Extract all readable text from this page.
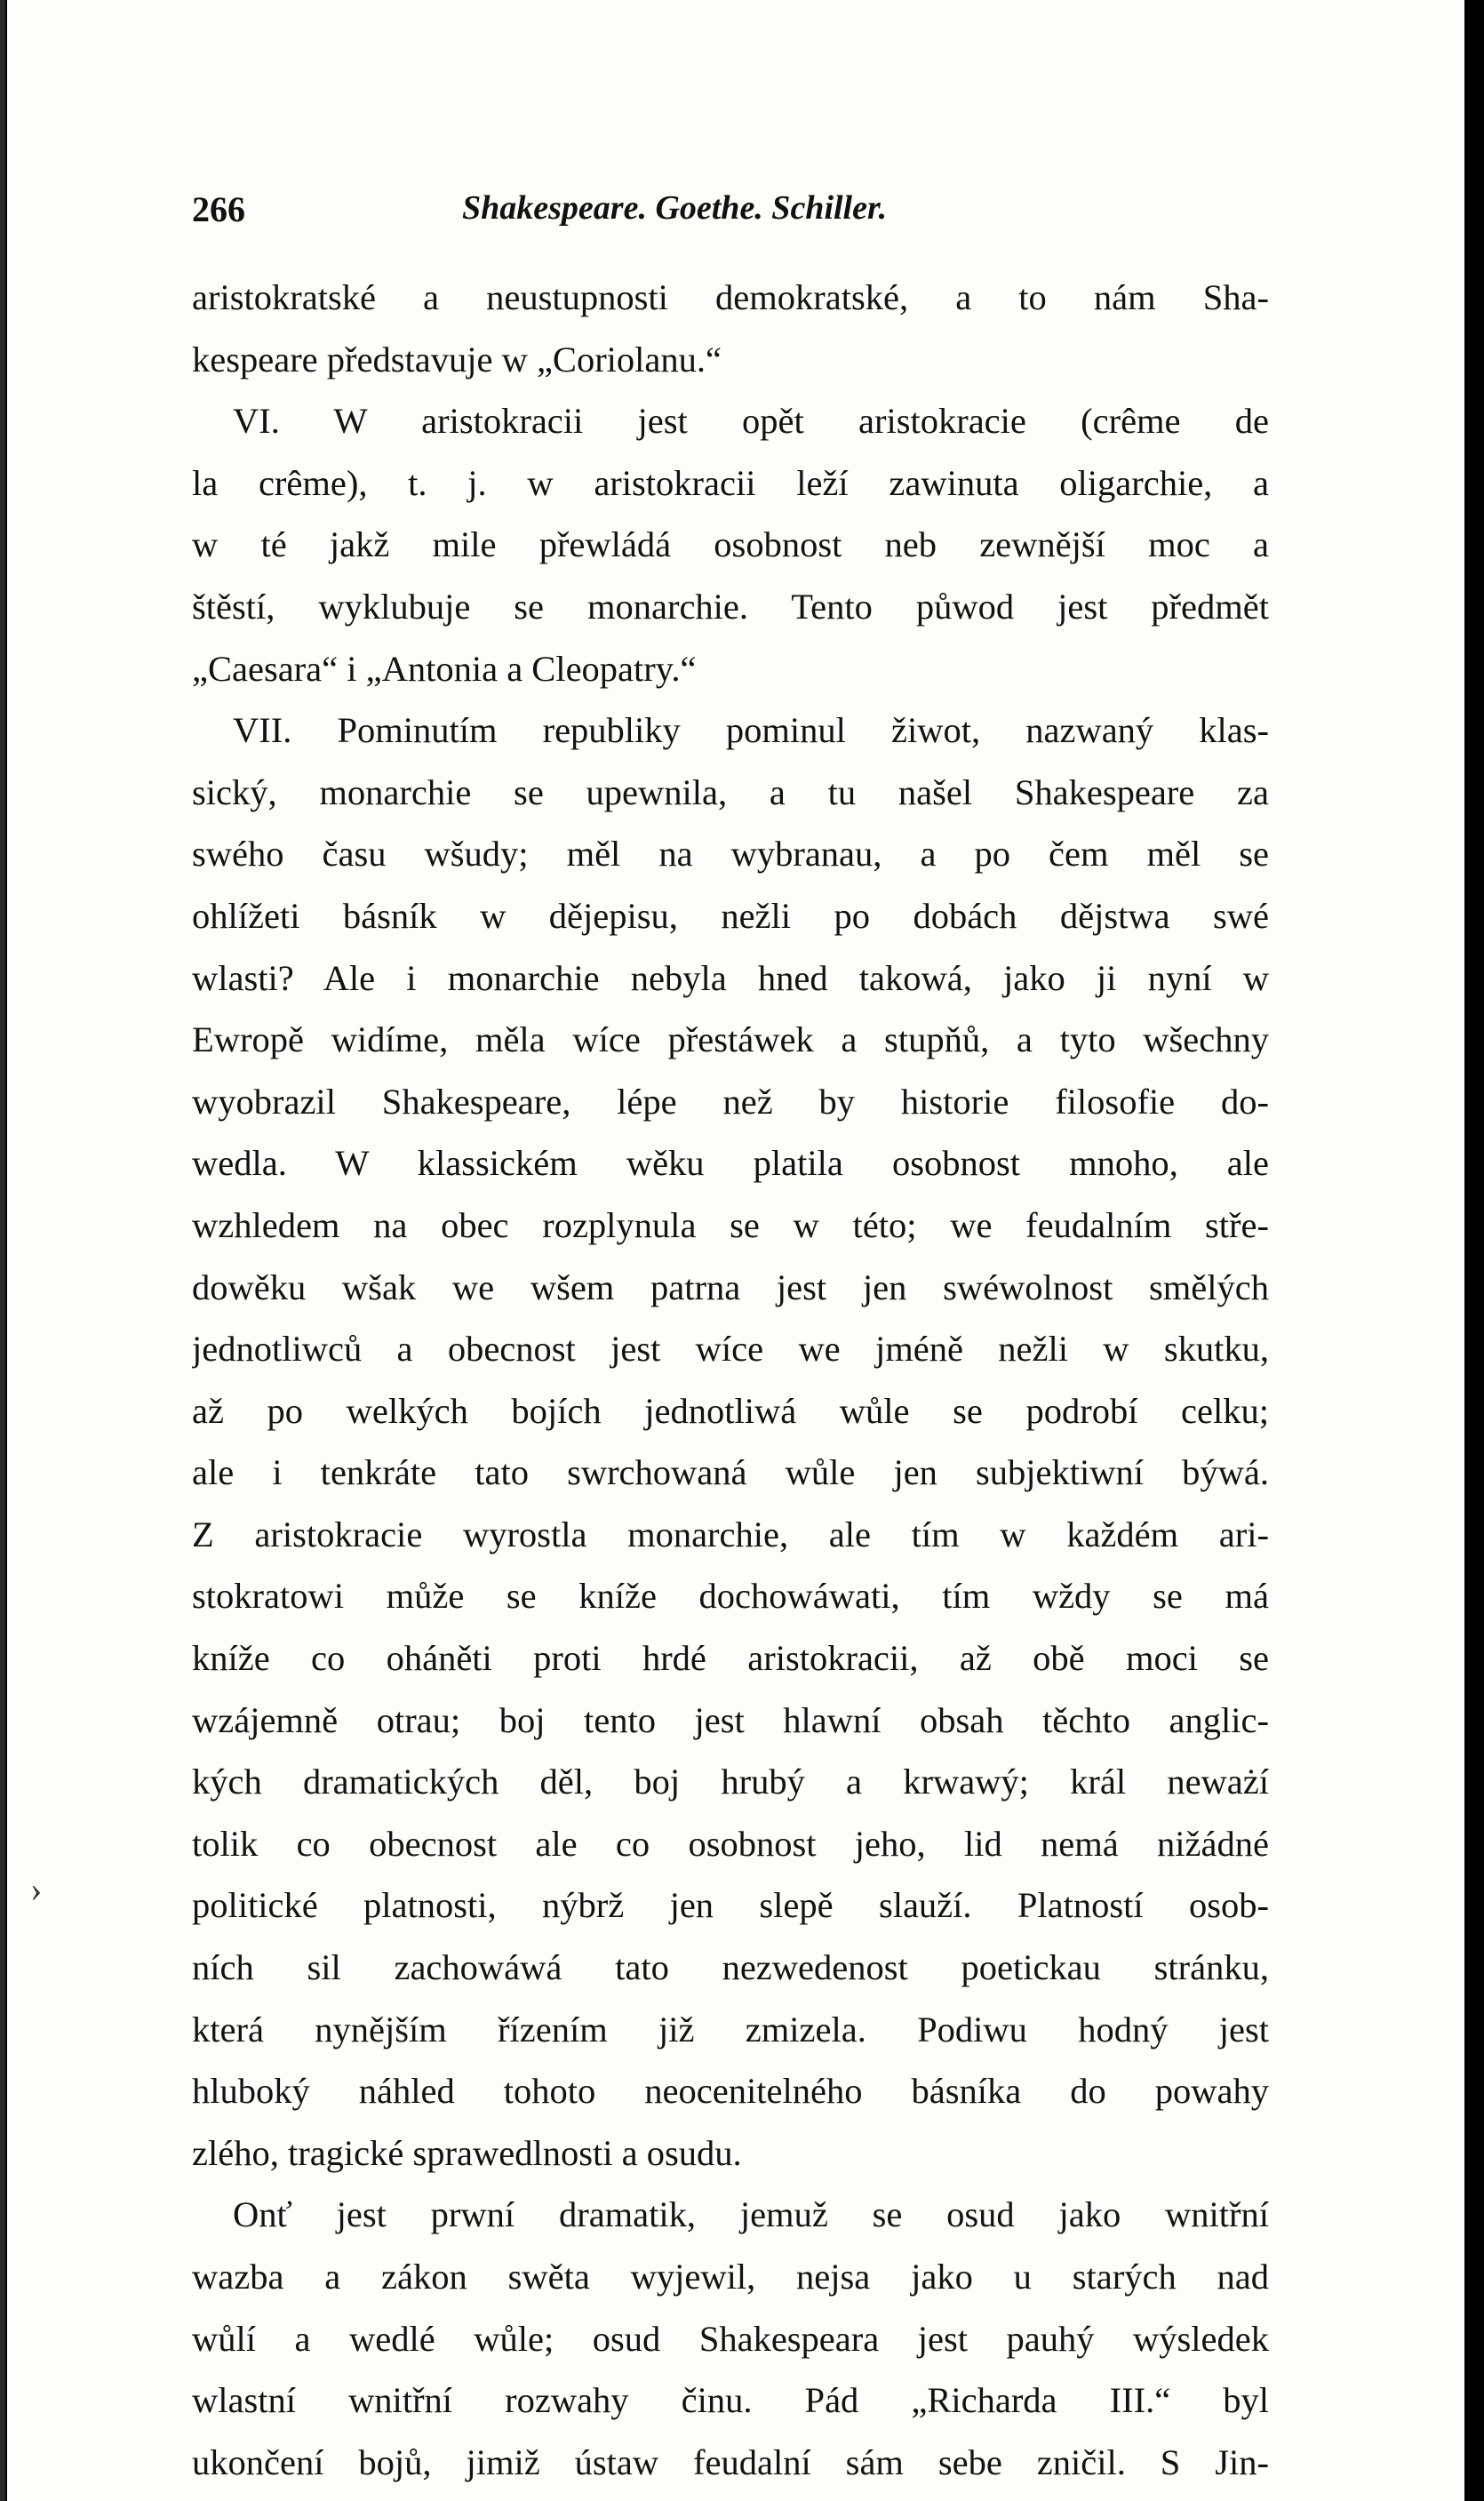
266	Shakespeare. Goethe. Schiller.
›
aristokratské a neustupnosti demokratské, a to nám Sha-
kespeare představuje w „Coriolanu.“
VI. W aristokracii jest opět aristokracie (crême de
la crême), t. j. w aristokracii leží zawinuta oligarchie, a
w té jakž mile přewládá osobnost neb zewnější moc a
štěstí, wyklubuje se monarchie. Tento půwod jest předmět
„Caesara“ i „Antonia a Cleopatry.“
VII. Pominutím republiky pominul žiwot, nazwaný klas-
sický, monarchie se upewnila, a tu našel Shakespeare za
swého času wšudy; měl na wybranau, a po čem měl se
ohlížeti básník w dějepisu, nežli po dobách dějstwa swé
wlasti? Ale i monarchie nebyla hned takowá, jako ji nyní w
Ewropě widíme, měla wíce přestáwek a stupňů, a tyto wšechny
wyobrazil Shakespeare, lépe než by historie filosofie do-
wedla. W klassickém wěku platila osobnost mnoho, ale
wzhledem na obec rozplynula se w této; we feudalním stře-
dowěku wšak we wšem patrna jest jen swéwolnost smělých
jednotliwců a obecnost jest wíce we jméně nežli w skutku,
až po welkých bojích jednotliwá wůle se podrobí celku;
ale i tenkráte tato swrchowaná wůle jen subjektiwní býwá.
Z aristokracie wyrostla monarchie, ale tím w každém ari-
stokratowi může se kníže dochowáwati, tím wždy se má
kníže co oháněti proti hrdé aristokracii, až obě moci se
wzájemně otrau; boj tento jest hlawní obsah těchto anglic-
kých dramatických děl, boj hrubý a krwawý; král neważí
tolik co obecnost ale co osobnost jeho, lid nemá nižádné
politické platnosti, nýbrž jen slepě slauží. Platností osob-
ních sil zachowáwá tato nezwedenost poetickau stránku,
která nynějším řízením již zmizela. Podiwu hodný jest
hluboký náhled tohoto neocenitelného básníka do powahy
zlého, tragické sprawedlnosti a osudu.
Onť jest prwní dramatik, jemuž se osud jako wnitřní
wazba a zákon swěta wyjewil, nejsa jako u starých nad
wůlí a wedlé wůle; osud Shakespeara jest pauhý wýsledek
wlastní wnitřní rozwahy činu. Pád „Richarda III.“ byl
ukončení bojů, jimiž ústaw feudalní sám sebe zničil. S Jin-
